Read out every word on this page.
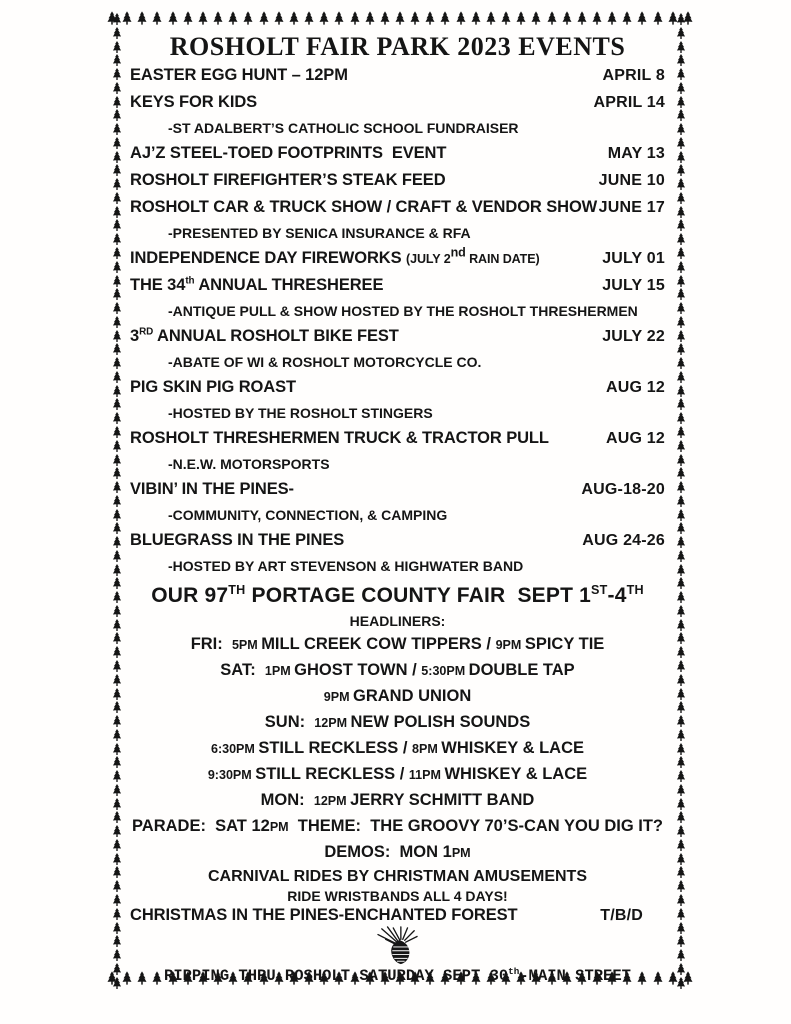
ROSHOLT FAIR PARK 2023 EVENTS
EASTER EGG HUNT – 12PM	APRIL 8
KEYS FOR KIDS	APRIL 14
-ST ADALBERT’S CATHOLIC SCHOOL FUNDRAISER
AJ’Z STEEL-TOED FOOTPRINTS  EVENT	MAY 13
ROSHOLT FIREFIGHTER’S STEAK FEED	JUNE 10
ROSHOLT CAR & TRUCK SHOW / CRAFT & VENDOR SHOW JUNE 17
-PRESENTED BY SENICA INSURANCE & RFA
INDEPENDENCE DAY FIREWORKS (JULY 2nd RAIN DATE)	JULY 01
THE 34th ANNUAL THRESHEREE	JULY 15
-ANTIQUE PULL & SHOW HOSTED BY THE ROSHOLT THRESHERMEN
3RD ANNUAL ROSHOLT BIKE FEST	JULY 22
-ABATE OF WI & ROSHOLT MOTORCYCLE CO.
PIG SKIN PIG ROAST	AUG 12
-HOSTED BY THE ROSHOLT STINGERS
ROSHOLT THRESHERMEN TRUCK & TRACTOR PULL	AUG 12
-N.E.W. MOTORSPORTS
VIBIN’ IN THE PINES-	AUG-18-20
-COMMUNITY, CONNECTION, & CAMPING
BLUEGRASS IN THE PINES	AUG 24-26
-HOSTED BY ART STEVENSON & HIGHWATER BAND
OUR 97TH PORTAGE COUNTY FAIR  SEPT 1ST-4TH
HEADLINERS:
FRI:  5PM MILL CREEK COW TIPPERS / 9PM SPICY TIE
SAT:  1PM GHOST TOWN / 5:30PM DOUBLE TAP
9PM GRAND UNION
SUN:  12PM NEW POLISH SOUNDS
6:30PM STILL RECKLESS / 8PM WHISKEY & LACE
9:30PM STILL RECKLESS / 11PM WHISKEY & LACE
MON:  12PM JERRY SCHMITT BAND
PARADE:  SAT 12PM  THEME:  THE GROOVY 70’S-CAN YOU DIG IT?
DEMOS:  MON 1PM
CARNIVAL RIDES BY CHRISTMAN AMUSEMENTS
RIDE WRISTBANDS ALL 4 DAYS!
CHRISTMAS IN THE PINES-ENCHANTED FOREST	T/B/D
RIPPING THRU ROSHOLT-SATURDAY SEPT 30th-MAIN STREET
